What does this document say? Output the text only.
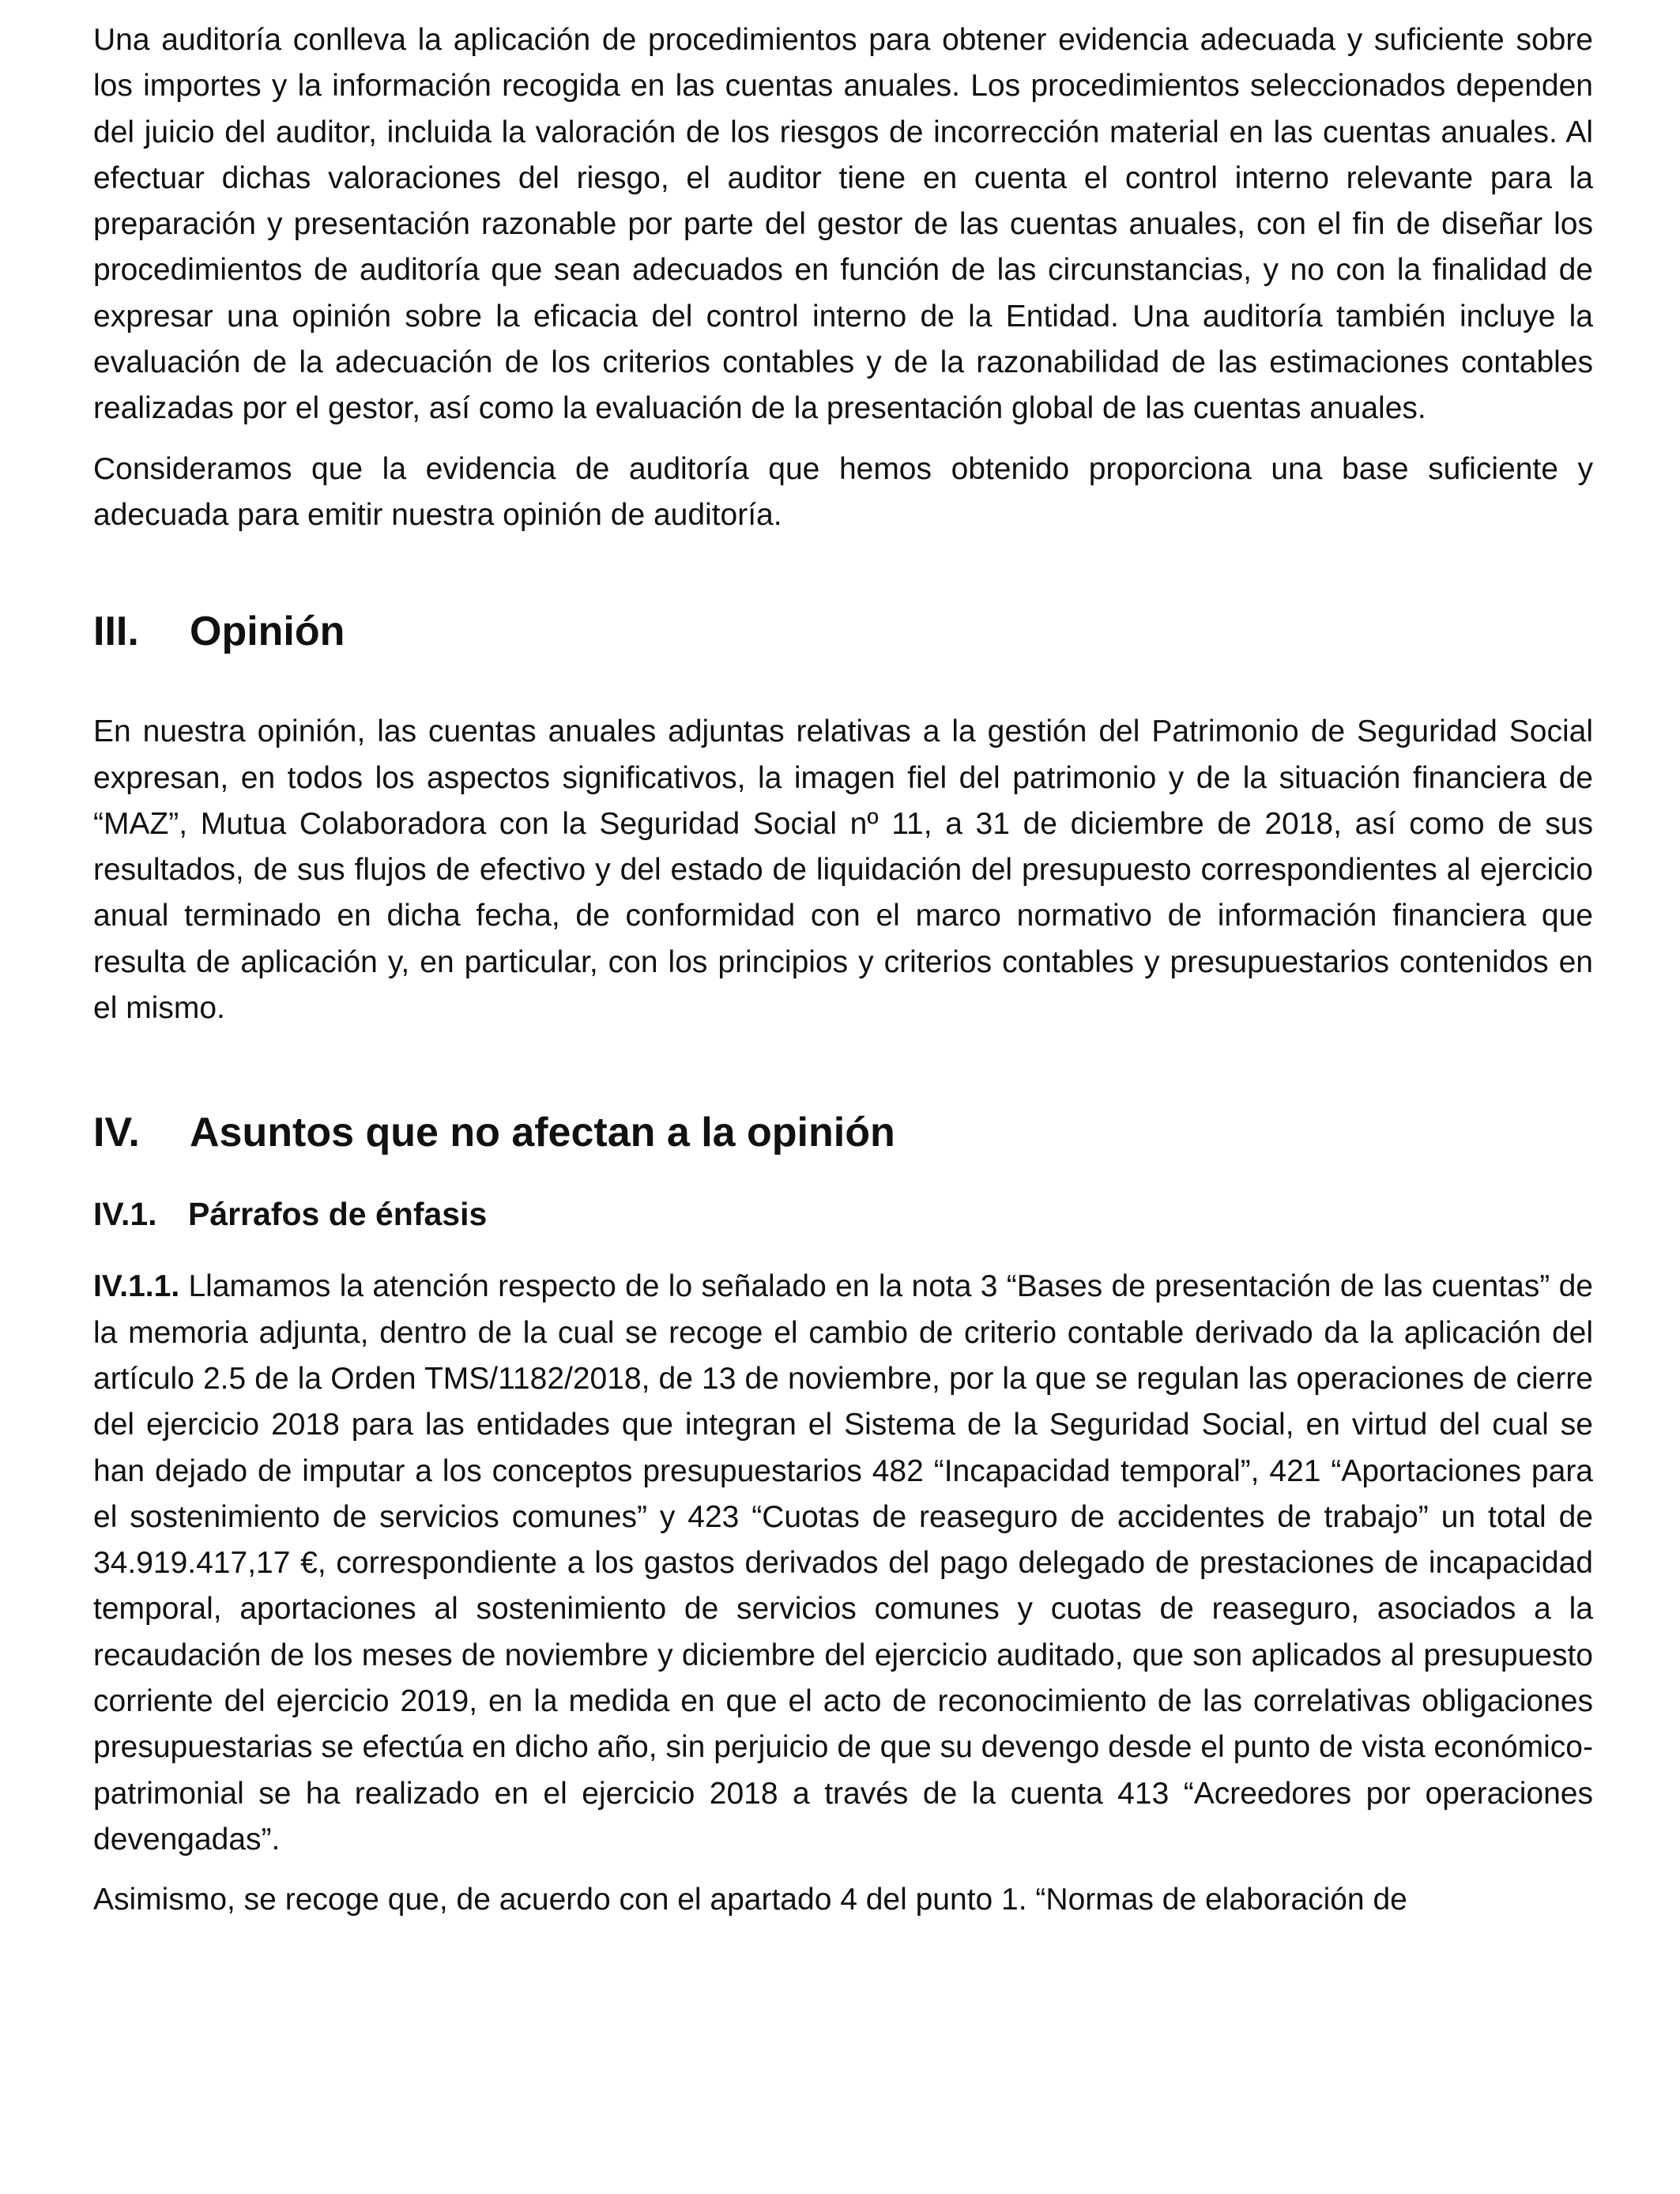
Una auditoría conlleva la aplicación de procedimientos para obtener evidencia adecuada y suficiente sobre los importes y la información recogida en las cuentas anuales. Los procedimientos seleccionados dependen del juicio del auditor, incluida la valoración de los riesgos de incorrección material en las cuentas anuales. Al efectuar dichas valoraciones del riesgo, el auditor tiene en cuenta el control interno relevante para la preparación y presentación razonable por parte del gestor de las cuentas anuales, con el fin de diseñar los procedimientos de auditoría que sean adecuados en función de las circunstancias, y no con la finalidad de expresar una opinión sobre la eficacia del control interno de la Entidad. Una auditoría también incluye la evaluación de la adecuación de los criterios contables y de la razonabilidad de las estimaciones contables realizadas por el gestor, así como la evaluación de la presentación global de las cuentas anuales.

Consideramos que la evidencia de auditoría que hemos obtenido proporciona una base suficiente y adecuada para emitir nuestra opinión de auditoría.

III.	Opinión

En nuestra opinión, las cuentas anuales adjuntas relativas a la gestión del Patrimonio de Seguridad Social expresan, en todos los aspectos significativos, la imagen fiel del patrimonio y de la situación financiera de “MAZ”, Mutua Colaboradora con la Seguridad Social nº 11, a 31 de diciembre de 2018, así como de sus resultados, de sus flujos de efectivo y del estado de liquidación del presupuesto correspondientes al ejercicio anual terminado en dicha fecha, de conformidad con el marco normativo de información financiera que resulta de aplicación y, en particular, con los principios y criterios contables y presupuestarios contenidos en el mismo.

IV.	Asuntos que no afectan a la opinión
IV.1. Párrafos de énfasis

IV.1.1. Llamamos la atención respecto de lo señalado en la nota 3 “Bases de presentación de las cuentas” de la memoria adjunta, dentro de la cual se recoge el cambio de criterio contable derivado da la aplicación del artículo 2.5 de la Orden TMS/1182/2018, de 13 de noviembre, por la que se regulan las operaciones de cierre del ejercicio 2018 para las entidades que integran el Sistema de la Seguridad Social, en virtud del cual se han dejado de imputar a los conceptos presupuestarios 482 “Incapacidad temporal”, 421 “Aportaciones para el sostenimiento de servicios comunes” y 423 “Cuotas de reaseguro de accidentes de trabajo” un total de 34.919.417,17 €, correspondiente a los gastos derivados del pago delegado de prestaciones de incapacidad temporal, aportaciones al sostenimiento de servicios comunes y cuotas de reaseguro, asociados a la recaudación de los meses de noviembre y diciembre del ejercicio auditado, que son aplicados al presupuesto corriente del ejercicio 2019, en la medida en que el acto de reconocimiento de las correlativas obligaciones presupuestarias se efectúa en dicho año, sin perjuicio de que su devengo desde el punto de vista económico-patrimonial se ha realizado en el ejercicio 2018 a través de la cuenta 413 “Acreedores por operaciones devengadas”.

Asimismo, se recoge que, de acuerdo con el apartado 4 del punto 1. “Normas de elaboración de
